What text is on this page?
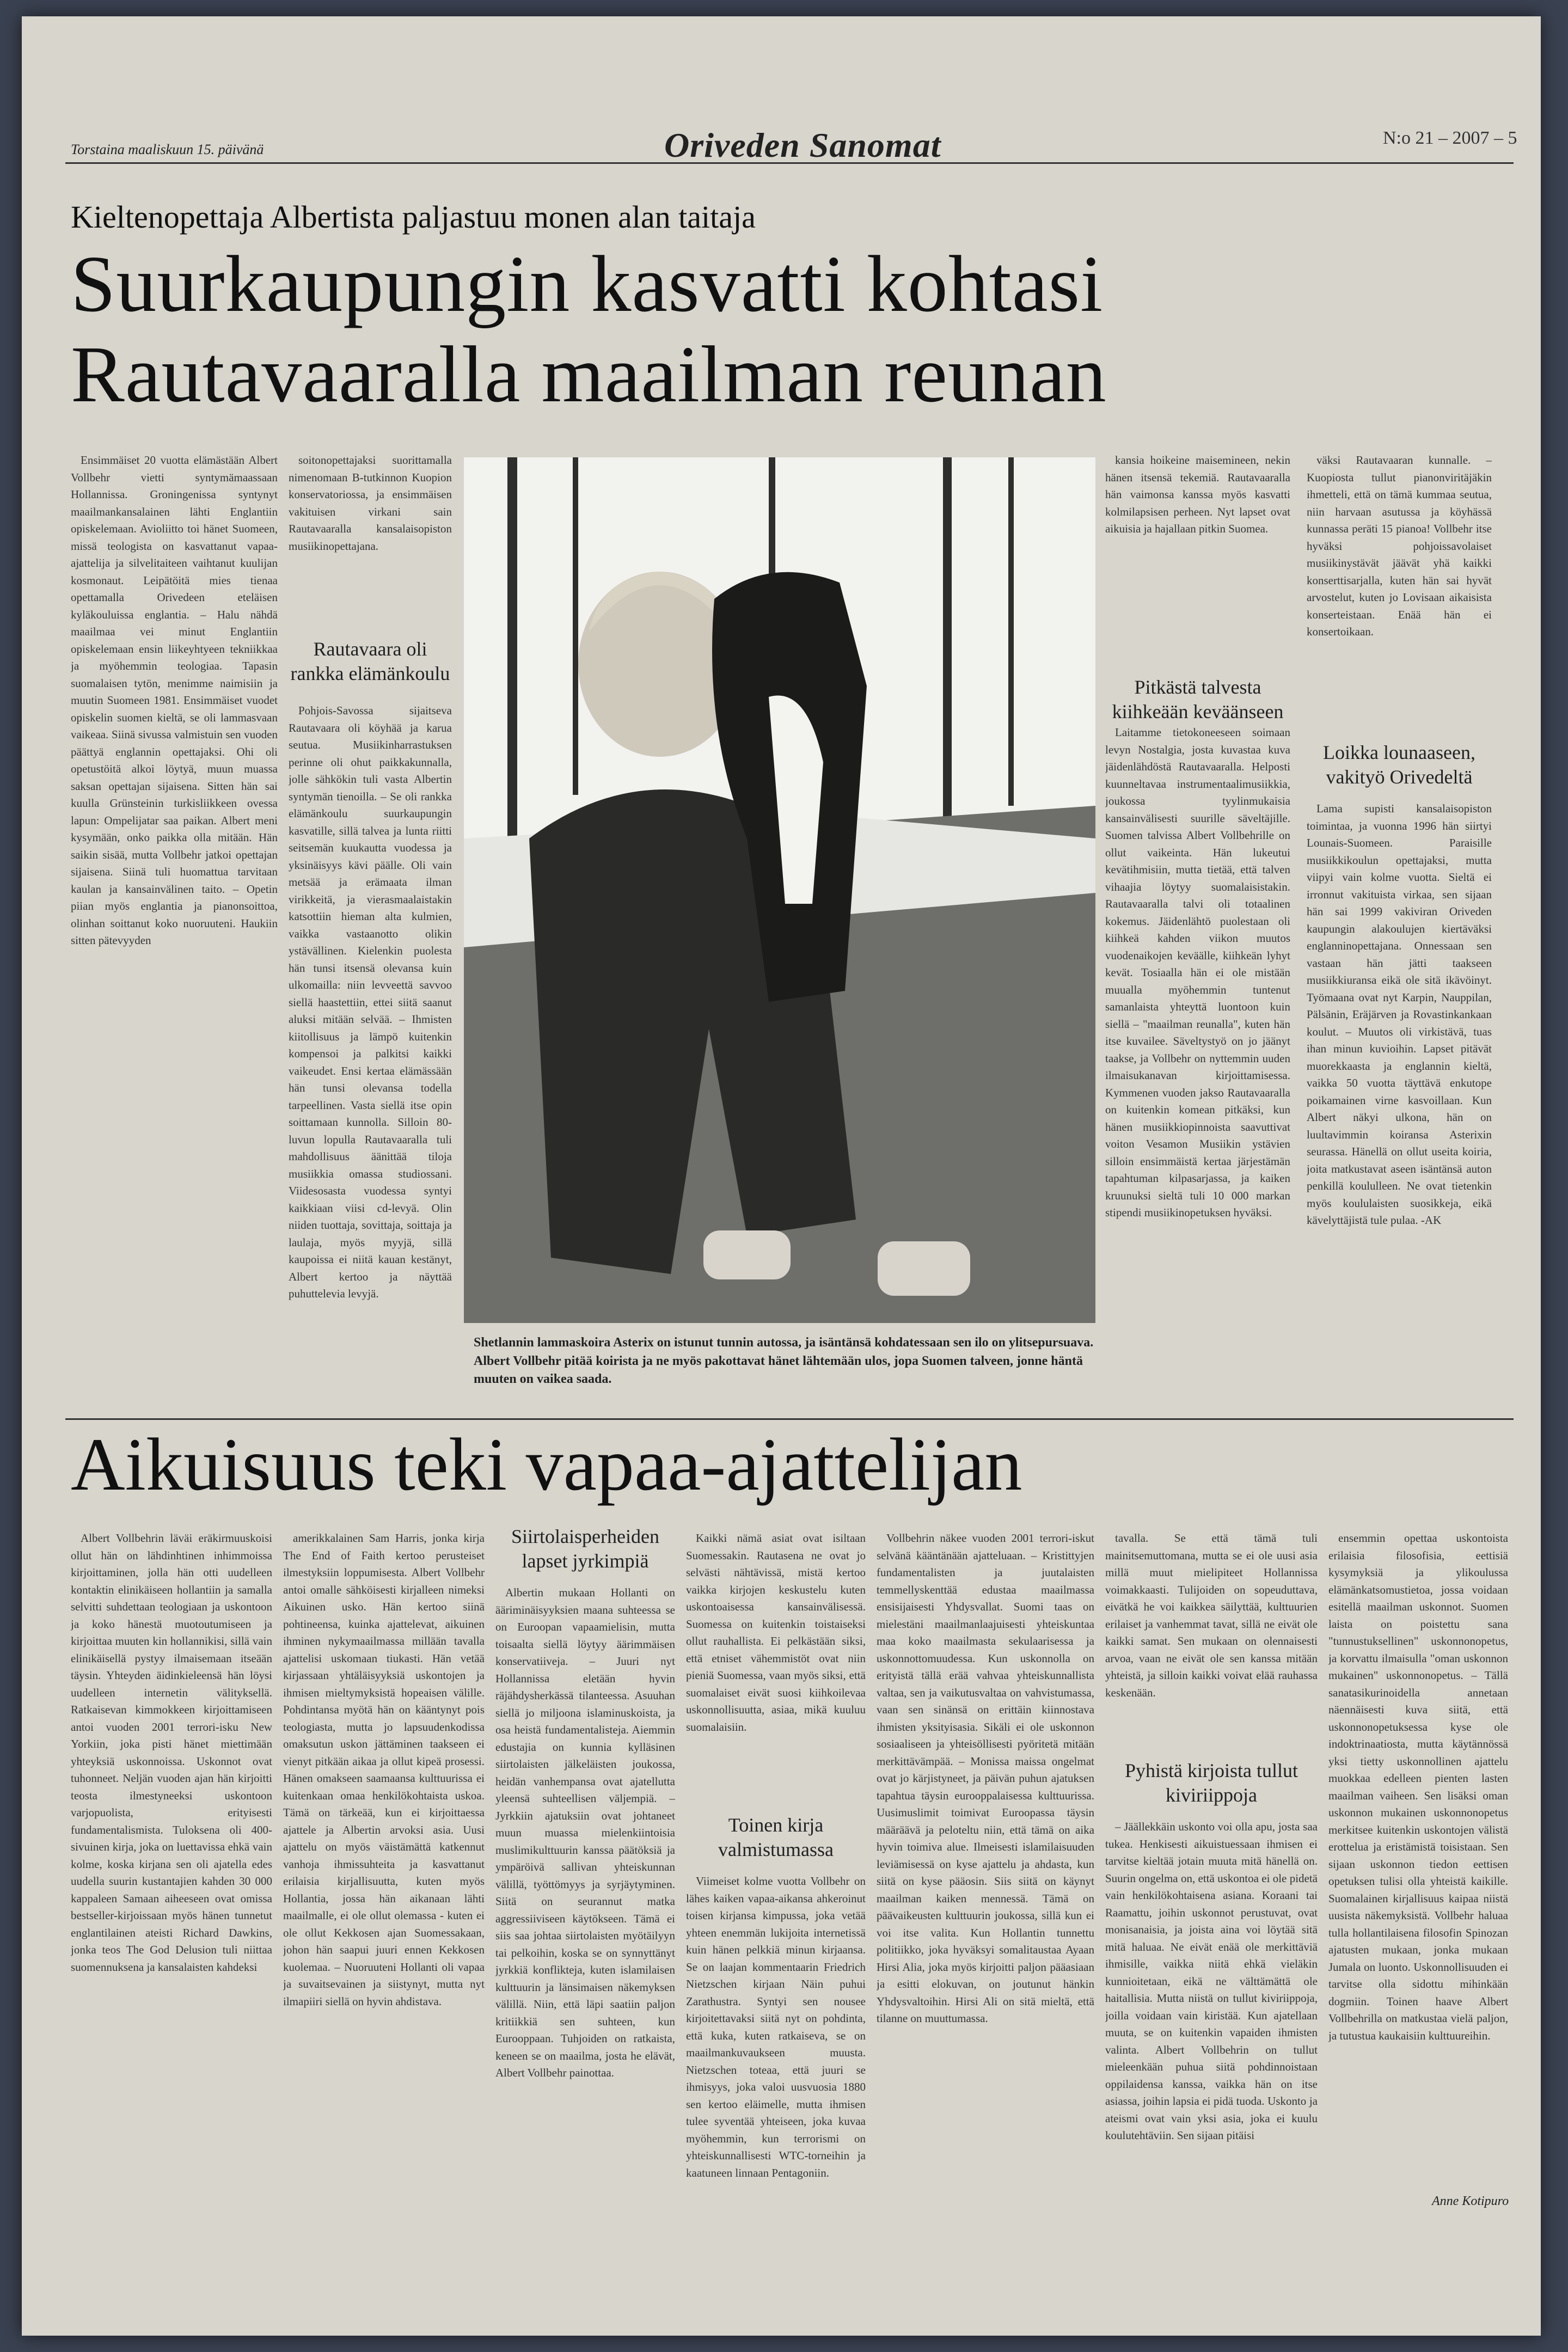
Torstaina maaliskuun 15. päivänä	Oriveden Sanomat	N:o 21 – 2007 – 5
Kieltenopettaja Albertista paljastuu monen alan taitaja
Suurkaupungin kasvatti kohtasi
Rautavaaralla maailman reunan

Ensimmäiset 20 vuotta elämästään Albert Vollbehr vietti syntymämaassaan Hollannissa. Groningenissa syntynyt maailmankansalainen lähti Englantiin opiskelemaan. Avioliitto toi hänet Suomeen, missä teologista on kasvattanut vapaa-ajattelija ja silvelitaiteen vaihtanut kuulijan kosmonaut. Leipätöitä mies tienaa opettamalla Orivedeen eteläisen kyläkouluissa englantia. – Halu nähdä maailmaa vei minut Englantiin opiskelemaan ensin liikeyhtyeen tekniikkaa ja myöhemmin teologiaa. Tapasin suomalaisen tytön, menimme naimisiin ja muutin Suomeen 1981. Ensimmäiset vuodet opiskelin suomen kieltä, se oli lammasvaan vaikeaa. Siinä sivussa valmistuin sen vuoden päättyä englannin opettajaksi. Ohi oli opetustöitä alkoi löytyä, muun muassa saksan opettajan sijaisena. Sitten hän sai kuulla Grünsteinin turkisliikkeen ovessa lapun: Ompelijatar saa paikan. Albert meni kysymään, onko paikka olla mitään. Hän saikin sisää, mutta Vollbehr jatkoi opettajan sijaisena. Siinä tuli huomattua tarvitaan kaulan ja kansainvälinen taito. – Opetin piian myös englantia ja pianonsoittoa, olinhan soittanut koko nuoruuteni. Haukiin sitten pätevyyden

soitonopettajaksi suorittamalla nimenomaan B-tutkinnon Kuopion konservatoriossa, ja ensimmäisen vakituisen virkani sain Rautavaaralla kansalaisopiston musiikinopettajana.

Rautavaara oli rankka elämänkoulu

Pohjois-Savossa sijaitseva Rautavaara oli köyhää ja karua seutua. Musiikinharrastuksen perinne oli ohut paikkakunnalla, jolle sähkökin tuli vasta Albertin syntymän tienoilla. – Se oli rankka elämänkoulu suurkaupungin kasvatille, sillä talvea ja lunta riitti seitsemän kuukautta vuodessa ja yksinäisyys kävi päälle. Oli vain metsää ja erämaata ilman virikkeitä, ja vierasmaalaistakin katsottiin hieman alta kulmien, vaikka vastaanotto olikin ystävällinen. Kielenkin puolesta hän tunsi itsensä olevansa kuin ulkomailla: niin levveettä savvoo siellä haastettiin, ettei siitä saanut aluksi mitään selvää. – Ihmisten kiitollisuus ja lämpö kuitenkin kompensoi ja palkitsi kaikki vaikeudet. Ensi kertaa elämässään hän tunsi olevansa todella tarpeellinen. Vasta siellä itse opin soittamaan kunnolla. Silloin 80-luvun lopulla Rautavaaralla tuli mahdollisuus äänittää tiloja musiikkia omassa studiossani. Viidesosasta vuodessa syntyi kaikkiaan viisi cd-levyä. Olin niiden tuottaja, sovittaja, soittaja ja laulaja, myös myyjä, sillä kaupoissa ei niitä kauan kestänyt, Albert kertoo ja näyttää puhuttelevia levyjä.

Shetlannin lammaskoira Asterix on istunut tunnin autossa, ja isäntänsä kohdatessaan sen ilo on ylitsepursuava. Albert Vollbehr pitää koirista ja ne myös pakottavat hänet lähtemään ulos, jopa Suomen talveen, jonne häntä muuten on vaikea saada.

kansia hoikeine maisemineen, nekin hänen itsensä tekemiä. Rautavaaralla hän vaimonsa kanssa myös kasvatti kolmilapsisen perheen. Nyt lapset ovat aikuisia ja hajallaan pitkin Suomea.

Pitkästä talvesta kiihkeään keväänseen

Laitamme tietokoneeseen soimaan levyn Nostalgia, josta kuvastaa kuva jäidenlähdöstä Rautavaaralla. Helposti kuunneltavaa instrumentaalimusiikkia, joukossa tyylinmukaisia kansainvälisesti suurille säveltäjille. Suomen talvissa Albert Vollbehrille on ollut vaikeinta. Hän lukeutui kevätihmisiin, mutta tietää, että talven vihaajia löytyy suomalaisistakin. Rautavaaralla talvi oli totaalinen kokemus. Jäidenlähtö puolestaan oli kiihkeä kahden viikon muutos vuodenaikojen keväälle, kiihkeän lyhyt kevät. Tosiaalla hän ei ole mistään muualla myöhemmin tuntenut samanlaista yhteyttä luontoon kuin siellä – "maailman reunalla", kuten hän itse kuvailee. Säveltystyö on jo jäänyt taakse, ja Vollbehr on nyttemmin uuden ilmaisukanavan kirjoittamisessa. Kymmenen vuoden jakso Rautavaaralla on kuitenkin komean pitkäksi, kun hänen musiikkiopinnoista saavuttivat voiton Vesamon Musiikin ystävien silloin ensimmäistä kertaa järjestämän tapahtuman kilpasarjassa, ja kaiken kruunuksi sieltä tuli 10 000 markan stipendi musiikinopetuksen hyväksi.

väksi Rautavaaran kunnalle. – Kuopiosta tullut pianonviritäjäkin ihmetteli, että on tämä kummaa seutua, niin harvaan asutussa ja köyhässä kunnassa peräti 15 pianoa! Vollbehr itse hyväksi pohjoissavolaiset musiikinystävät jäävät yhä kaikki konserttisarjalla, kuten hän sai hyvät arvostelut, kuten jo Lovisaan aikaisista konserteistaan. Enää hän ei konsertoikaan.

Loikka lounaaseen, vakityö Orivedeltä

Lama supisti kansalaisopiston toimintaa, ja vuonna 1996 hän siirtyi Lounais-Suomeen. Paraisille musiikkikoulun opettajaksi, mutta viipyi vain kolme vuotta. Sieltä ei irronnut vakituista virkaa, sen sijaan hän sai 1999 vakiviran Oriveden kaupungin alakoulujen kiertäväksi englanninopettajana. Onnessaan sen vastaan hän jätti taakseen musiikkiuransa eikä ole sitä ikävöinyt. Työmaana ovat nyt Karpin, Nauppilan, Pälsänin, Eräjärven ja Rovastinkankaan koulut. – Muutos oli virkistävä, tuas ihan minun kuvioihin. Lapset pitävät muorekkaasta ja englannin kieltä, vaikka 50 vuotta täyttävä enkutope poikamainen virne kasvoillaan. Kun Albert näkyi ulkona, hän on luultavimmin koiransa Asterixin seurassa. Hänellä on ollut useita koiria, joita matkustavat aseen isäntänsä auton penkillä koululleen. Ne ovat tietenkin myös koululaisten suosikkeja, eikä kävelyttäjistä tule pulaa. -AK

Aikuisuus teki vapaa-ajattelijan

Albert Vollbehrin läväi eräkirmuuskoisi ollut hän on lähdinhtinen inhimmoissa kirjoittaminen, jolla hän otti uudelleen kontaktin elinikäiseen hollantiin ja samalla selvitti suhdettaan teologiaan ja uskontoon ja koko hänestä muotoutumiseen ja kirjoittaa muuten kin hollannikisi, sillä vain elinikäisellä pystyy ilmaisemaan itseään täysin. Yhteyden äidinkieleensä hän löysi uudelleen internetin välityksellä. Ratkaisevan kimmokkeen kirjoittamiseen antoi vuoden 2001 terrori-isku New Yorkiin, joka pisti hänet miettimään yhteyksiä uskonnoissa. Uskonnot ovat tuhonneet. Neljän vuoden ajan hän kirjoitti teosta ilmestyneeksi uskontoon varjopuolista, erityisesti fundamentalismista. Tuloksena oli 400-sivuinen kirja, joka on luettavissa ehkä vain kolme, koska kirjana sen oli ajatella edes uudella suurin kustantajien kahden 30 000 kappaleen Samaan aiheeseen ovat omissa bestseller-kirjoissaan myös hänen tunnetut englantilainen ateisti Richard Dawkins, jonka teos The God Delusion tuli niittaa suomennuksena ja kansalaisten kahdeksi

amerikkalainen Sam Harris, jonka kirja The End of Faith kertoo perusteiset ilmestyksiin loppumisesta. Albert Vollbehr antoi omalle sähköisesti kirjalleen nimeksi Aikuinen usko. Hän kertoo siinä pohtineensa, kuinka ajattelevat, aikuinen ihminen nykymaailmassa millään tavalla ajattelisi uskomaan tiukasti. Hän vetää kirjassaan yhtäläisyyksiä uskontojen ja ihmisen mieltymyksistä hopeaisen välille. Pohdintansa myötä hän on kääntynyt pois teologiasta, mutta jo lapsuudenkodissa omaksutun uskon jättäminen taakseen ei vienyt pitkään aikaa ja ollut kipeä prosessi. Hänen omakseen saamaansa kulttuurissa ei kuitenkaan omaa henkilökohtaista uskoa. Tämä on tärkeää, kun ei kirjoittaessa ajattele ja Albertin arvoksi asia. Uusi ajattelu on myös väistämättä katkennut vanhoja ihmissuhteita ja kasvattanut erilaisia kirjallisuutta, kuten myös Hollantia, jossa hän aikanaan lähti maailmalle, ei ole ollut olemassa - kuten ei ole ollut Kekkosen ajan Suomessakaan, johon hän saapui juuri ennen Kekkosen kuolemaa. – Nuoruuteni Hollanti oli vapaa ja suvaitsevainen ja siistynyt, mutta nyt ilmapiiri siellä on hyvin ahdistava.

Siirtolaisperheiden lapset jyrkimpiä

Albertin mukaan Hollanti on ääriminäisyyksien maana suhteessa se on Euroopan vapaamielisin, mutta toisaalta siellä löytyy äärimmäisen konservatiiveja. – Juuri nyt Hollannissa eletään hyvin räjähdysherkässä tilanteessa. Asuuhan siellä jo miljoona islaminuskoista, ja osa heistä fundamentalisteja. Aiemmin edustajia on kunnia kylläsinen siirtolaisten jälkeläisten joukossa, heidän vanhempansa ovat ajatellutta yleensä suhteellisen väljempiä. – Jyrkkiin ajatuksiin ovat johtaneet muun muassa mielenkiintoisia muslimikulttuurin kanssa päätöksiä ja ympäröivä sallivan yhteiskunnan välillä, työttömyys ja syrjäytyminen. Siitä on seurannut matka aggressiiviseen käytökseen. Tämä ei siis saa johtaa siirtolaisten myötäilyyn tai pelkoihin, koska se on synnyttänyt jyrkkiä konflikteja, kuten islamilaisen kulttuurin ja länsimaisen näkemyksen välillä. Niin, että läpi saatiin paljon kritiikkiä sen suhteen, kun Eurooppaan. Tuhjoiden on ratkaista, keneen se on maailma, josta he elävät, Albert Vollbehr painottaa.

Kaikki nämä asiat ovat isiltaan Suomessakin. Rautasena ne ovat jo selvästi nähtävissä, mistä kertoo vaikka kirjojen keskustelu kuten uskontoaisessa kansainvälisessä. Suomessa on kuitenkin toistaiseksi ollut rauhallista. Ei pelkästään siksi, että etniset vähemmistöt ovat niin pieniä Suomessa, vaan myös siksi, että suomalaiset eivät suosi kiihkoilevaa uskonnollisuutta, asiaa, mikä kuuluu suomalaisiin.

Toinen kirja valmistumassa

Viimeiset kolme vuotta Vollbehr on lähes kaiken vapaa-aikansa ahkeroinut toisen kirjansa kimpussa, joka vetää yhteen enemmän lukijoita internetissä kuin hänen pelkkiä minun kirjaansa. Se on laajan kommentaarin Friedrich Nietzschen kirjaan Näin puhui Zarathustra. Syntyi sen nousee kirjoitettavaksi siitä nyt on pohdinta, että kuka, kuten ratkaiseva, se on maailmankuvaukseen muusta. Nietzschen toteaa, että juuri se ihmisyys, joka valoi uusvuosia 1880 sen kertoo eläimelle, mutta ihmisen tulee syventää yhteiseen, joka kuvaa myöhemmin, kun terrorismi on yhteiskunnallisesti WTC-torneihin ja kaatuneen linnaan Pentagoniin.

Vollbehrin näkee vuoden 2001 terrori-iskut selvänä kääntänään ajatteluaan. – Kristittyjen fundamentalisten ja juutalaisten temmellyskenttää edustaa maailmassa ensisijaisesti Yhdysvallat. Suomi taas on mielestäni maailmanlaajuisesti yhteiskuntaa maa koko maailmasta sekulaarisessa ja uskonnottomuudessa. Kun uskonnolla on erityistä tällä erää vahvaa yhteiskunnallista valtaa, sen ja vaikutusvaltaa on vahvistumassa, vaan sen sinänsä on erittäin kiinnostava ihmisten yksityisasia. Sikäli ei ole uskonnon sosiaaliseen ja yhteisöllisesti pyöritetä mitään merkittävämpää. – Monissa maissa ongelmat ovat jo kärjistyneet, ja päivän puhun ajatuksen tapahtua täysin eurooppalaisessa kulttuurissa. Uusimuslimit toimivat Euroopassa täysin määräävä ja peloteltu niin, että tämä on aika hyvin toimiva alue. Ilmeisesti islamilaisuuden leviämisessä on kyse ajattelu ja ahdasta, kun siitä on kyse pääosin. Siis siitä on käynyt maailman kaiken mennessä. Tämä on päävaikeusten kulttuurin joukossa, sillä kun ei voi itse valita. Kun Hollantin tunnettu politiikko, joka hyväksyi somalitaustaa Ayaan Hirsi Alia, joka myös kirjoitti paljon pääasiaan ja esitti elokuvan, on joutunut hänkin Yhdysvaltoihin. Hirsi Ali on sitä mieltä, että tilanne on muuttumassa.

tavalla. Se että tämä tuli mainitsemuttomana, mutta se ei ole uusi asia millä muut mielipiteet Hollannissa voimakkaasti. Tulijoiden on sopeuduttava, eivätkä he voi kaikkea säilyttää, kulttuurien erilaiset ja vanhemmat tavat, sillä ne eivät ole kaikki samat. Sen mukaan on olennaisesti arvoa, vaan ne eivät ole sen kanssa mitään yhteistä, ja silloin kaikki voivat elää rauhassa keskenään.

Pyhistä kirjoista tullut kiviriippoja

– Jäällekkäin uskonto voi olla apu, josta saa tukea. Henkisesti aikuistuessaan ihmisen ei tarvitse kieltää jotain muuta mitä hänellä on. Suurin ongelma on, että uskontoa ei ole pidetä vain henkilökohtaisena asiana. Koraani tai Raamattu, joihin uskonnot perustuvat, ovat monisanaisia, ja joista aina voi löytää sitä mitä haluaa. Ne eivät enää ole merkittäviä ihmisille, vaikka niitä ehkä vieläkin kunnioitetaan, eikä ne välttämättä ole haitallisia. Mutta niistä on tullut kiviriippoja, joilla voidaan vain kiristää. Kun ajatellaan muuta, se on kuitenkin vapaiden ihmisten valinta. Albert Vollbehrin on tullut mieleenkään puhua siitä pohdinnoistaan oppilaidensa kanssa, vaikka hän on itse asiassa, joihin lapsia ei pidä tuoda. Uskonto ja ateismi ovat vain yksi asia, joka ei kuulu koulutehtäviin. Sen sijaan pitäisi

ensemmin opettaa uskontoista erilaisia filosofisia, eettisiä kysymyksiä ja ylikoulussa elämänkatsomustietoa, jossa voidaan esitellä maailman uskonnot. Suomen laista on poistettu sana "tunnustuksellinen" uskonnonopetus, ja korvattu ilmaisulla "oman uskonnon mukainen" uskonnonopetus. – Tällä sanatasikurinoidella annetaan näennäisesti kuva siitä, että uskonnonopetuksessa kyse ole indoktrinaatiosta, mutta käytännössä yksi tietty uskonnollinen ajattelu muokkaa edelleen pienten lasten maailman vaiheen. Sen lisäksi oman uskonnon mukainen uskonnonopetus merkitsee kuitenkin uskontojen välistä erottelua ja eristämistä toisistaan. Sen sijaan uskonnon tiedon eettisen opetuksen tulisi olla yhteistä kaikille. Suomalainen kirjallisuus kaipaa niistä uusista näkemyksistä. Vollbehr haluaa tulla hollantilaisena filosofin Spinozan ajatusten mukaan, jonka mukaan Jumala on luonto. Uskonnollisuuden ei tarvitse olla sidottu mihinkään dogmiin. Toinen haave Albert Vollbehrilla on matkustaa vielä paljon, ja tutustua kaukaisiin kulttuureihin.

Anne Kotipuro
